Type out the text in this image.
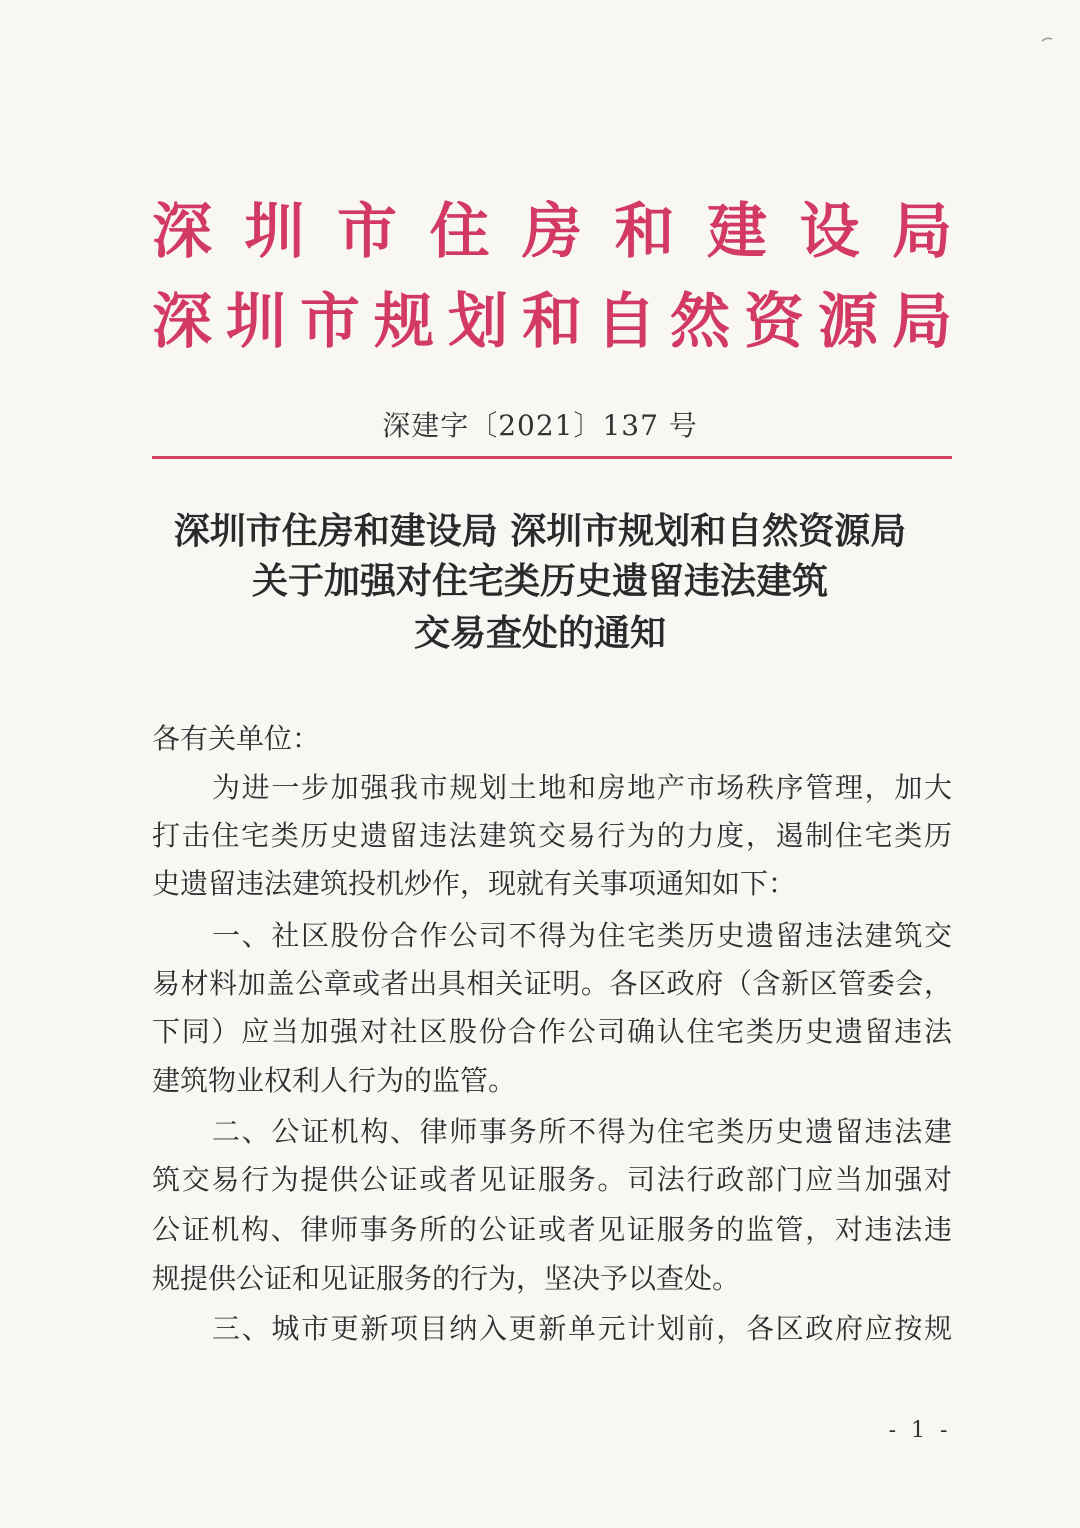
深 圳 市 住 房 和 建 设 局
深 圳 市 规 划 和 自 然 资 源 局
深建字〔2021〕137 号
深圳市住房和建设局 深圳市规划和自然资源局
关于加强对住宅类历史遗留违法建筑
交易查处的通知
各有关单位：
为进一步加强我市规划土地和房地产市场秩序管理，加大
打击住宅类历史遗留违法建筑交易行为的力度，遏制住宅类历
史遗留违法建筑投机炒作，现就有关事项通知如下：
一、社区股份合作公司不得为住宅类历史遗留违法建筑交
易材料加盖公章或者出具相关证明。各区政府（含新区管委会，
下同）应当加强对社区股份合作公司确认住宅类历史遗留违法
建筑物业权利人行为的监管。
二、公证机构、律师事务所不得为住宅类历史遗留违法建
筑交易行为提供公证或者见证服务。司法行政部门应当加强对
公证机构、律师事务所的公证或者见证服务的监管，对违法违
规提供公证和见证服务的行为，坚决予以查处。
三、城市更新项目纳入更新单元计划前，各区政府应按规
- 1 -
